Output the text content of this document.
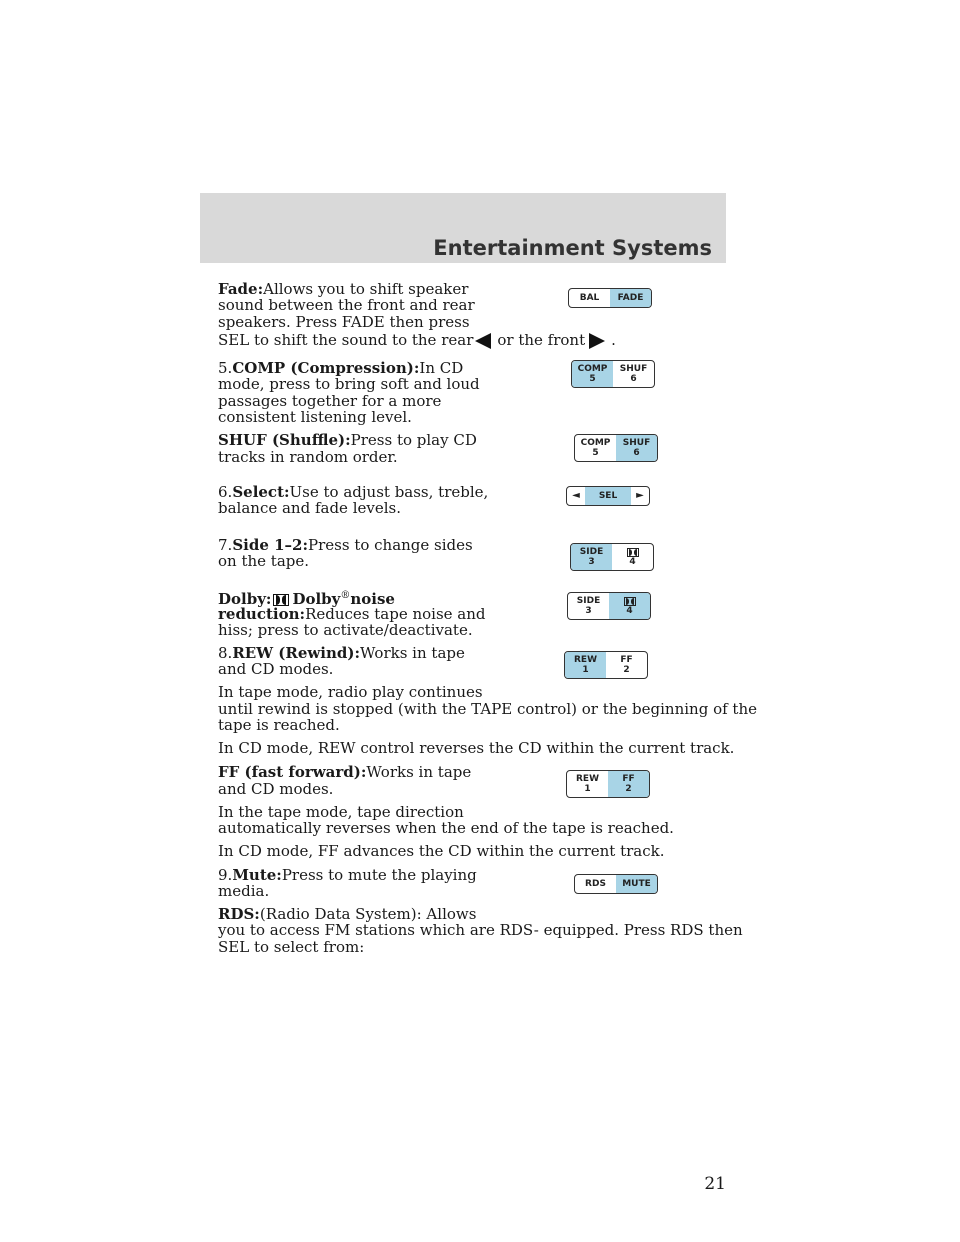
Entertainment Systems
Fade:Allows you to shift speaker
sound between the front and rear
speakers. Press FADE then press
SEL to shift the sound to the rear or the front .
5.COMP (Compression):In CD
mode, press to bring soft and loud
passages together for a more
consistent listening level.
SHUF (Shuffle):Press to play CD
tracks in random order.
6.Select:Use to adjust bass, treble,
balance and fade levels.
7.Side 1–2:Press to change sides
on the tape.
Dolby: Dolby®noise
reduction:Reduces tape noise and
hiss; press to activate/deactivate.
8.REW (Rewind):Works in tape
and CD modes.
In tape mode, radio play continues
until rewind is stopped (with the TAPE control) or the beginning of the
tape is reached.
In CD mode, REW control reverses the CD within the current track.
FF (fast forward):Works in tape
and CD modes.
In the tape mode, tape direction
automatically reverses when the end of the tape is reached.
In CD mode, FF advances the CD within the current track.
9.Mute:Press to mute the playing
media.
RDS:(Radio Data System): Allows
you to access FM stations which are RDS- equipped. Press RDS then
SEL to select from:
BAL FADE
COMP
5
SHUF
6
COMP
5
SHUF
6
◄ SEL ►
SIDE
3	4
SIDE
3	4
REW
1
FF
2
REW
1
FF
2
RDS MUTE
21
